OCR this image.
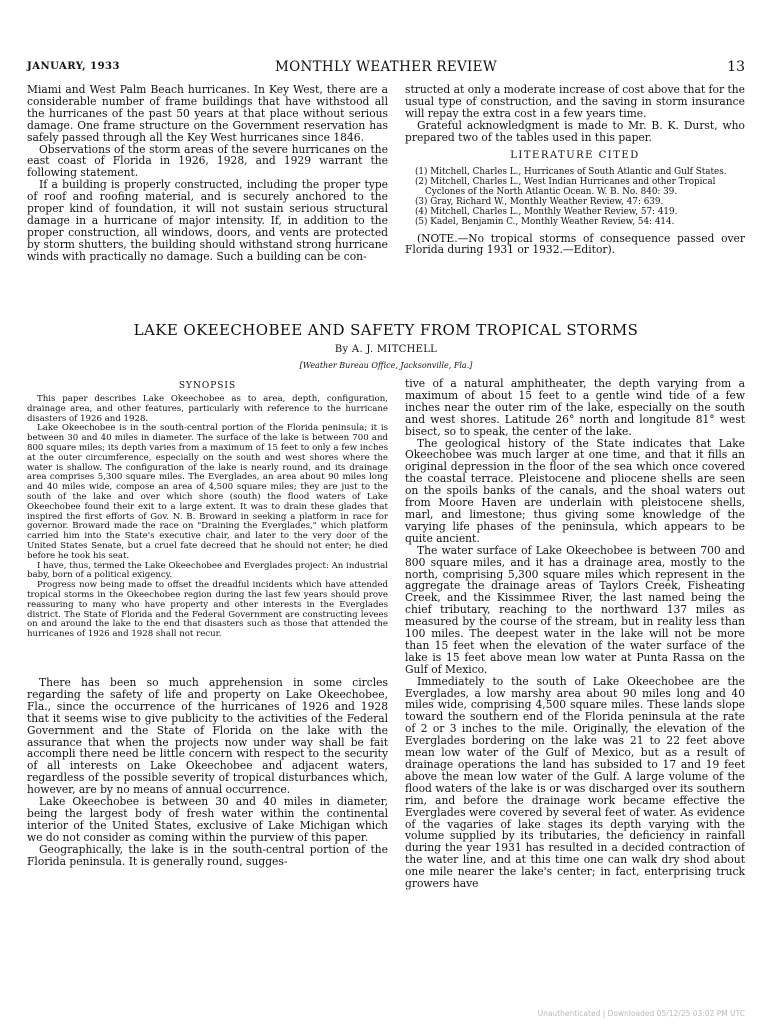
JANUARY, 1933	MONTHLY WEATHER REVIEW	13

Miami and West Palm Beach hurricanes. In Key West, there are a considerable number of frame buildings that have withstood all the hurricanes of the past 50 years at that place without serious damage. One frame structure on the Government reservation has safely passed through all the Key West hurricanes since 1846.

Observations of the storm areas of the severe hurricanes on the east coast of Florida in 1926, 1928, and 1929 warrant the following statement.

If a building is properly constructed, including the proper type of roof and roofing material, and is securely anchored to the proper kind of foundation, it will not sustain serious structural damage in a hurricane of major intensity. If, in addition to the proper construction, all windows, doors, and vents are protected by storm shutters, the building should withstand strong hurricane winds with practically no damage. Such a building can be con-

structed at only a moderate increase of cost above that for the usual type of construction, and the saving in storm insurance will repay the extra cost in a few years time.

Grateful acknowledgment is made to Mr. B. K. Durst, who prepared two of the tables used in this paper.

LITERATURE CITED

(1) Mitchell, Charles L., Hurricanes of South Atlantic and Gulf States.

(2) Mitchell, Charles L., West Indian Hurricanes and other Tropical Cyclones of the North Atlantic Ocean. W. B. No. 840: 39.

(3) Gray, Richard W., Monthly Weather Review, 47: 639.

(4) Mitchell, Charles L., Monthly Weather Review, 57: 419.

(5) Kadel, Benjamin C., Monthly Weather Review, 54: 414.

(NOTE.—No tropical storms of consequence passed over Florida during 1931 or 1932.—Editor).

LAKE OKEECHOBEE AND SAFETY FROM TROPICAL STORMS
By A. J. MITCHELL
[Weather Bureau Office, Jacksonville, Fla.]
SYNOPSIS

This paper describes Lake Okeechobee as to area, depth, configuration, drainage area, and other features, particularly with reference to the hurricane disasters of 1926 and 1928.

Lake Okeechobee is in the south-central portion of the Florida peninsula; it is between 30 and 40 miles in diameter. The surface of the lake is between 700 and 800 square miles; its depth varies from a maximum of 15 feet to only a few inches at the outer circumference, especially on the south and west shores where the water is shallow. The configuration of the lake is nearly round, and its drainage area comprises 5,300 square miles. The Everglades, an area about 90 miles long and 40 miles wide, compose an area of 4,500 square miles; they are just to the south of the lake and over which shore (south) the flood waters of Lake Okeechobee found their exit to a large extent. It was to drain these glades that inspired the first efforts of Gov. N. B. Broward in seeking a platform in race for governor. Broward made the race on "Draining the Everglades," which platform carried him into the State's executive chair, and later to the very door of the United States Senate, but a cruel fate decreed that he should not enter; he died before he took his seat.

I have, thus, termed the Lake Okeechobee and Everglades project: An industrial baby, born of a political exigency.

Progress now being made to offset the dreadful incidents which have attended tropical storms in the Okeechobee region during the last few years should prove reassuring to many who have property and other interests in the Everglades district. The State of Florida and the Federal Government are constructing levees on and around the lake to the end that disasters such as those that attended the hurricanes of 1926 and 1928 shall not recur.

There has been so much apprehension in some circles regarding the safety of life and property on Lake Okeechobee, Fla., since the occurrence of the hurricanes of 1926 and 1928 that it seems wise to give publicity to the activities of the Federal Government and the State of Florida on the lake with the assurance that when the projects now under way shall be fait accompli there need be little concern with respect to the security of all interests on Lake Okeechobee and adjacent waters, regardless of the possible severity of tropical disturbances which, however, are by no means of annual occurrence.

Lake Okeechobee is between 30 and 40 miles in diameter, being the largest body of fresh water within the continental interior of the United States, exclusive of Lake Michigan which we do not consider as coming within the purview of this paper.

Geographically, the lake is in the south-central portion of the Florida peninsula. It is generally round, sugges-

tive of a natural amphitheater, the depth varying from a maximum of about 15 feet to a gentle wind tide of a few inches near the outer rim of the lake, especially on the south and west shores. Latitude 26° north and longitude 81° west bisect, so to speak, the center of the lake.

The geological history of the State indicates that Lake Okeechobee was much larger at one time, and that it fills an original depression in the floor of the sea which once covered the coastal terrace. Pleistocene and pliocene shells are seen on the spoils banks of the canals, and the shoal waters out from Moore Haven are underlain with pleistocene shells, marl, and limestone; thus giving some knowledge of the varying life phases of the peninsula, which appears to be quite ancient.

The water surface of Lake Okeechobee is between 700 and 800 square miles, and it has a drainage area, mostly to the north, comprising 5,300 square miles which represent in the aggregate the drainage areas of Taylors Creek, Fisheating Creek, and the Kissimmee River, the last named being the chief tributary, reaching to the northward 137 miles as measured by the course of the stream, but in reality less than 100 miles. The deepest water in the lake will not be more than 15 feet when the elevation of the water surface of the lake is 15 feet above mean low water at Punta Rassa on the Gulf of Mexico.

Immediately to the south of Lake Okeechobee are the Everglades, a low marshy area about 90 miles long and 40 miles wide, comprising 4,500 square miles. These lands slope toward the southern end of the Florida peninsula at the rate of 2 or 3 inches to the mile. Originally, the elevation of the Everglades bordering on the lake was 21 to 22 feet above mean low water of the Gulf of Mexico, but as a result of drainage operations the land has subsided to 17 and 19 feet above the mean low water of the Gulf. A large volume of the flood waters of the lake is or was discharged over its southern rim, and before the drainage work became effective the Everglades were covered by several feet of water. As evidence of the vagaries of lake stages its depth varying with the volume supplied by its tributaries, the deficiency in rainfall during the year 1931 has resulted in a decided contraction of the water line, and at this time one can walk dry shod about one mile nearer the lake's center; in fact, enterprising truck growers have

Unauthenticated | Downloaded 05/12/25 03:02 PM UTC
